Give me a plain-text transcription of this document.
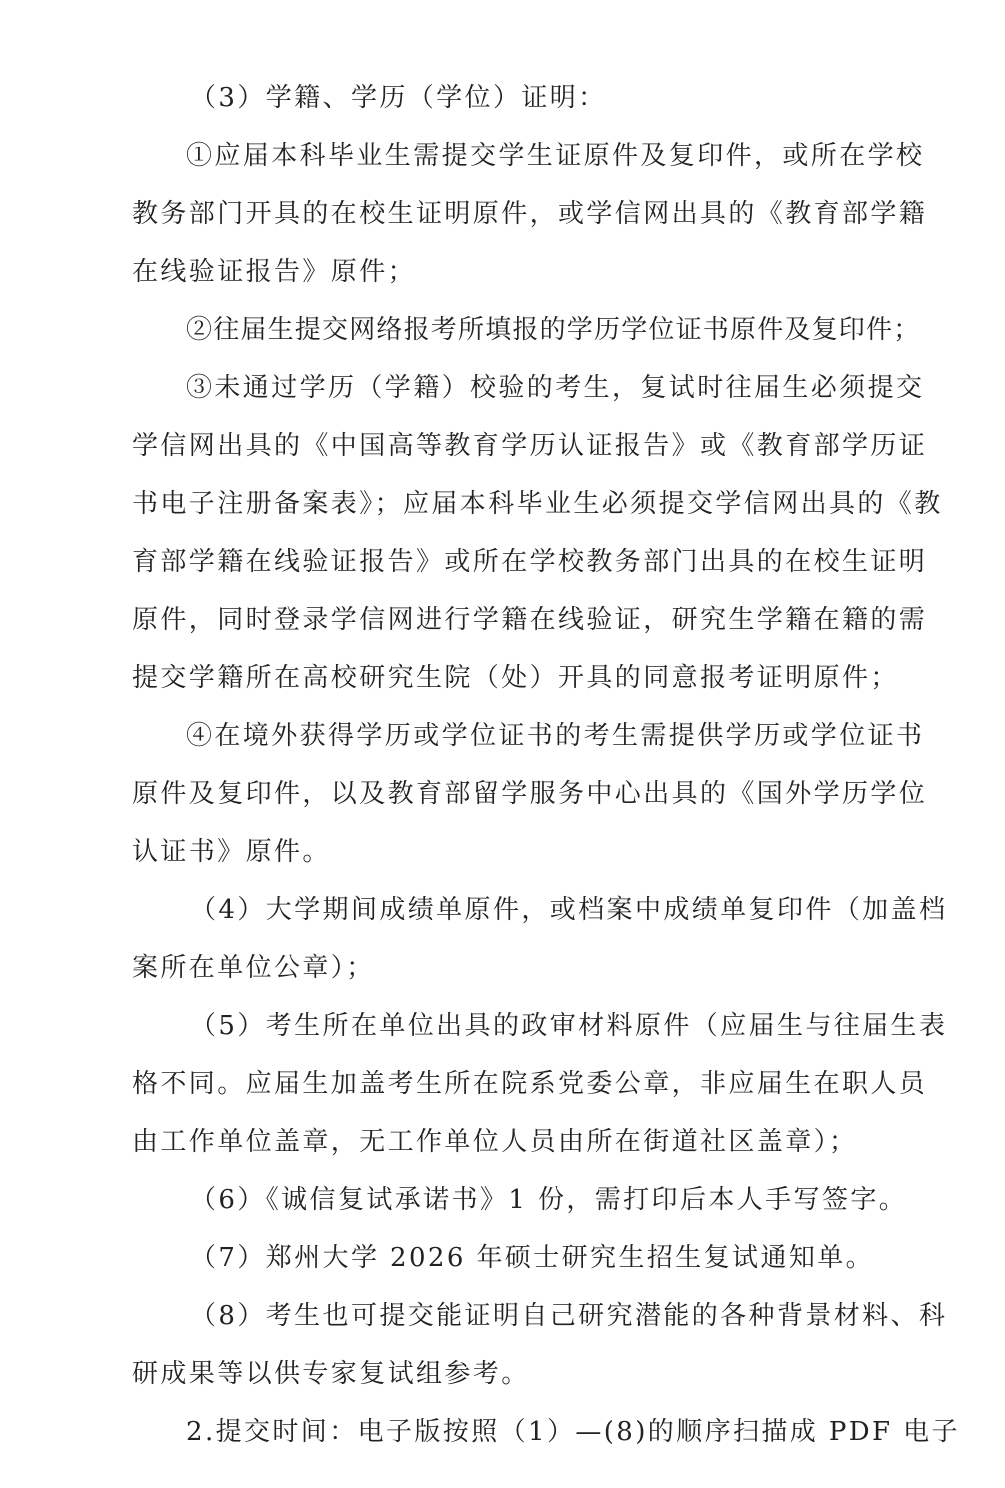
（3）学籍、学历（学位）证明：
①应届本科毕业生需提交学生证原件及复印件，或所在学校
教务部门开具的在校生证明原件，或学信网出具的《教育部学籍
在线验证报告》原件；
②往届生提交网络报考所填报的学历学位证书原件及复印件；
③未通过学历（学籍）校验的考生，复试时往届生必须提交
学信网出具的《中国高等教育学历认证报告》或《教育部学历证
书电子注册备案表》；应届本科毕业生必须提交学信网出具的《教
育部学籍在线验证报告》或所在学校教务部门出具的在校生证明
原件，同时登录学信网进行学籍在线验证，研究生学籍在籍的需
提交学籍所在高校研究生院（处）开具的同意报考证明原件；
④在境外获得学历或学位证书的考生需提供学历或学位证书
原件及复印件，以及教育部留学服务中心出具的《国外学历学位
认证书》原件。
（4）大学期间成绩单原件，或档案中成绩单复印件（加盖档
案所在单位公章）；
（5）考生所在单位出具的政审材料原件（应届生与往届生表
格不同。应届生加盖考生所在院系党委公章，非应届生在职人员
由工作单位盖章，无工作单位人员由所在街道社区盖章）；
（6）《诚信复试承诺书》1 份，需打印后本人手写签字。
（7）郑州大学 2026 年硕士研究生招生复试通知单。
（8）考生也可提交能证明自己研究潜能的各种背景材料、科
研成果等以供专家复试组参考。
2.提交时间：电子版按照（1）—(8)的顺序扫描成 PDF 电子
